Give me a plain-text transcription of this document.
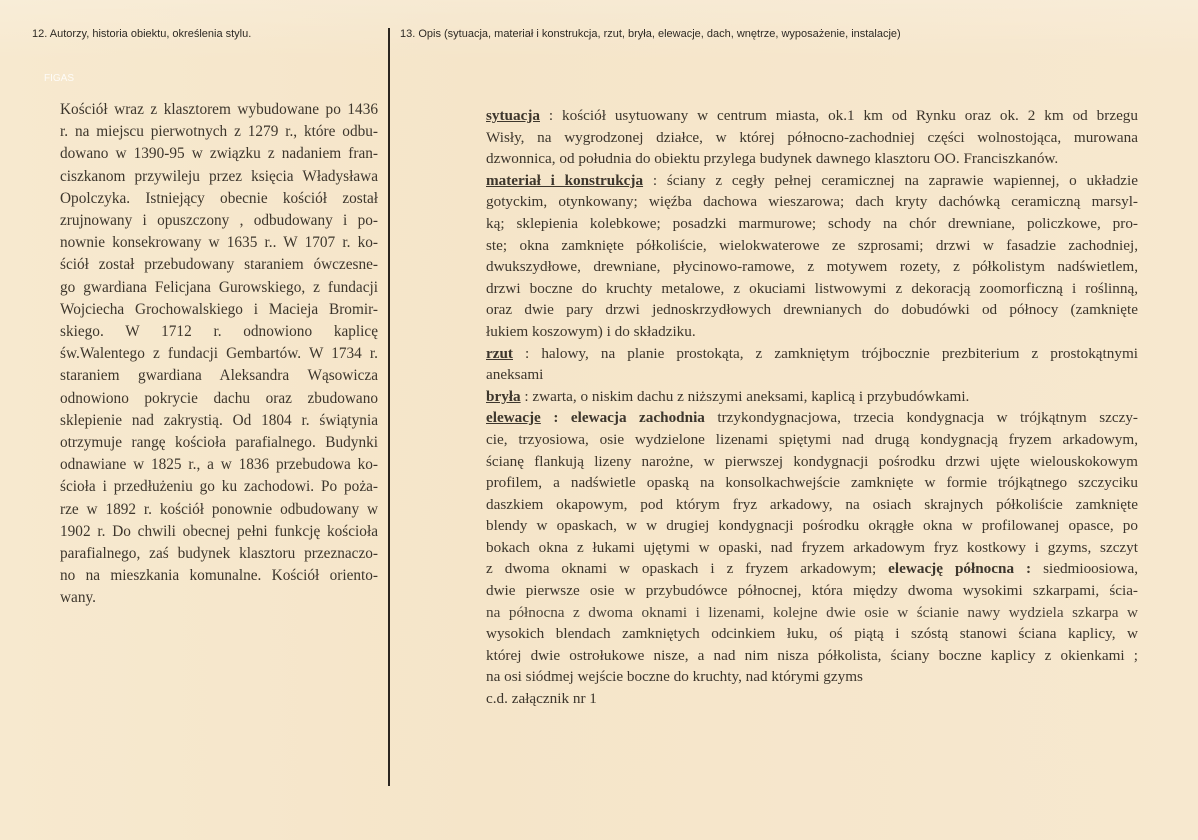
12. Autorzy, historia obiektu, określenia stylu.	13. Opis (sytuacja, materiał i konstrukcja, rzut, bryła, elewacje, dach, wnętrze, wyposażenie, instalacje)
FIGAS
Kościół wraz z klasztorem wybudowane po 1436
r. na miejscu pierwotnych z 1279 r., które odbu-
dowano w 1390-95 w związku z nadaniem fran-
ciszkanom przywileju przez księcia Władysława
Opolczyka. Istniejący obecnie kościół został
zrujnowany i opuszczony , odbudowany i po-
nownie konsekrowany w 1635 r.. W 1707 r. ko-
ściół został przebudowany staraniem ówczesne-
go gwardiana Felicjana Gurowskiego, z fundacji
Wojciecha Grochowalskiego i Macieja Bromir-
skiego. W 1712 r. odnowiono kaplicę
św.Walentego z fundacji Gembartów. W 1734 r.
staraniem gwardiana Aleksandra Wąsowicza
odnowiono pokrycie dachu oraz zbudowano
sklepienie nad zakrystią. Od 1804 r. świątynia
otrzymuje rangę kościoła parafialnego. Budynki
odnawiane w 1825 r., a w 1836 przebudowa ko-
ścioła i przedłużeniu go ku zachodowi. Po poża-
rze w 1892 r. kościół ponownie odbudowany w
1902 r. Do chwili obecnej pełni funkcję kościoła
parafialnego, zaś budynek klasztoru przeznaczo-
no na mieszkania komunalne. Kościół oriento-
wany.
sytuacja : kościół usytuowany w centrum miasta, ok.1 km od Rynku oraz ok. 2 km od brzegu
Wisły, na wygrodzonej działce, w której północno-zachodniej części wolnostojąca, murowana
dzwonnica, od południa do obiektu przylega budynek dawnego klasztoru OO. Franciszkanów.
materiał i konstrukcja : ściany z cegły pełnej ceramicznej na zaprawie wapiennej, o układzie
gotyckim, otynkowany; więźba dachowa wieszarowa; dach kryty dachówką ceramiczną marsyl-
ką; sklepienia kolebkowe; posadzki marmurowe; schody na chór drewniane, policzkowe, pro-
ste; okna zamknięte półkoliście, wielokwaterowe ze szprosami; drzwi w fasadzie zachodniej,
dwukszydłowe, drewniane, płycinowo-ramowe, z motywem rozety, z półkolistym nadświetlem,
drzwi boczne do kruchty metalowe, z okuciami listwowymi z dekoracją zoomorficzną i roślinną,
oraz dwie pary drzwi jednoskrzydłowych drewnianych do dobudówki od północy (zamknięte
łukiem koszowym) i do składziku.
rzut : halowy, na planie prostokąta, z zamkniętym trójbocznie prezbiterium z prostokątnymi
aneksami
bryła : zwarta, o niskim dachu z niższymi aneksami, kaplicą i przybudówkami.
elewacje : elewacja zachodnia trzykondygnacjowa, trzecia kondygnacja w trójkątnym szczy-
cie, trzyosiowa, osie wydzielone lizenami spiętymi nad drugą kondygnacją fryzem arkadowym,
ścianę flankują lizeny narożne, w pierwszej kondygnacji pośrodku drzwi ujęte wielouskokowym
profilem, a nadświetle opaską na konsolkachwejście zamknięte w formie trójkątnego szczyciku
daszkiem okapowym, pod którym fryz arkadowy, na osiach skrajnych półkoliście zamknięte
blendy w opaskach, w w drugiej kondygnacji pośrodku okrągłe okna w profilowanej opasce, po
bokach okna z łukami ujętymi w opaski, nad fryzem arkadowym fryz kostkowy i gzyms, szczyt
z dwoma oknami w opaskach i z fryzem arkadowym; elewację północna : siedmioosiowa,
dwie pierwsze osie w przybudówce północnej, która między dwoma wysokimi szkarpami, ścia-
na północna z dwoma oknami i lizenami, kolejne dwie osie w ścianie nawy wydziela szkarpa w
wysokich blendach zamkniętych odcinkiem łuku, oś piątą i szóstą stanowi ściana kaplicy, w
której dwie ostrołukowe nisze, a nad nim nisza półkolista, ściany boczne kaplicy z okienkami ;
na osi siódmej wejście boczne do kruchty, nad którymi gzyms
c.d. załącznik nr 1
